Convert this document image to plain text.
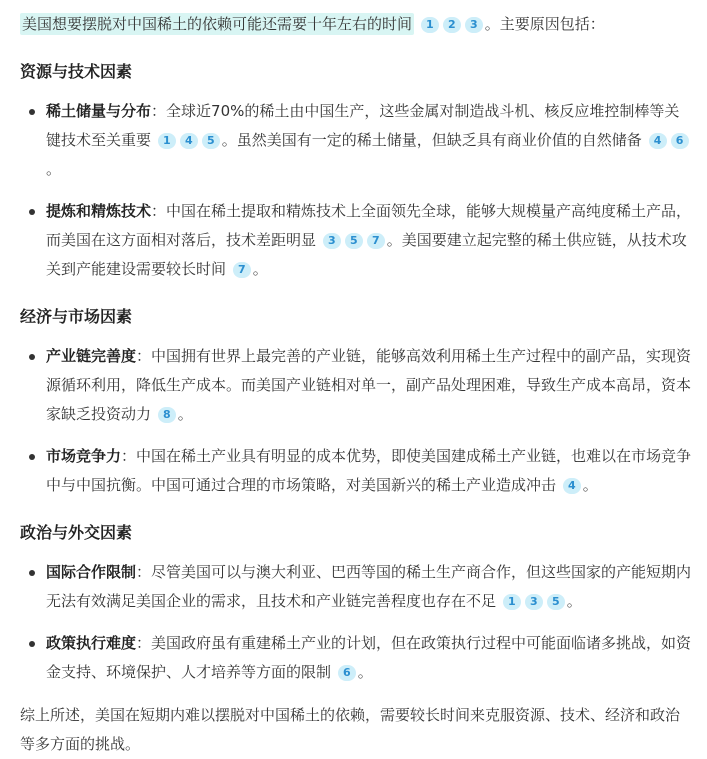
美国想要摆脱对中国稀土的依赖可能还需要十年左右的时间 1 2 3 。主要原因包括：

资源与技术因素
稀土储量与分布：全球近70%的稀土由中国生产，这些金属对制造战斗机、核反应堆控制棒等关键技术至关重要 1 4 5 。虽然美国有一定的稀土储量，但缺乏具有商业价值的自然储备 4 6。
提炼和精炼技术：中国在稀土提取和精炼技术上全面领先全球，能够大规模量产高纯度稀土产品，而美国在这方面相对落后，技术差距明显 3 5 7 。美国要建立起完整的稀土供应链，从技术攻关到产能建设需要较长时间 7 。
经济与市场因素
产业链完善度：中国拥有世界上最完善的产业链，能够高效利用稀土生产过程中的副产品，实现资源循环利用，降低生产成本。而美国产业链相对单一，副产品处理困难，导致生产成本高昂，资本家缺乏投资动力 8 。
市场竞争力：中国在稀土产业具有明显的成本优势，即使美国建成稀土产业链，也难以在市场竞争中与中国抗衡。中国可通过合理的市场策略，对美国新兴的稀土产业造成冲击 4 。
政治与外交因素
国际合作限制：尽管美国可以与澳大利亚、巴西等国的稀土生产商合作，但这些国家的产能短期内无法有效满足美国企业的需求，且技术和产业链完善程度也存在不足 1 3 5 。
政策执行难度：美国政府虽有重建稀土产业的计划，但在政策执行过程中可能面临诸多挑战，如资金支持、环境保护、人才培养等方面的限制 6 。

综上所述，美国在短期内难以摆脱对中国稀土的依赖，需要较长时间来克服资源、技术、经济和政治等多方面的挑战。
